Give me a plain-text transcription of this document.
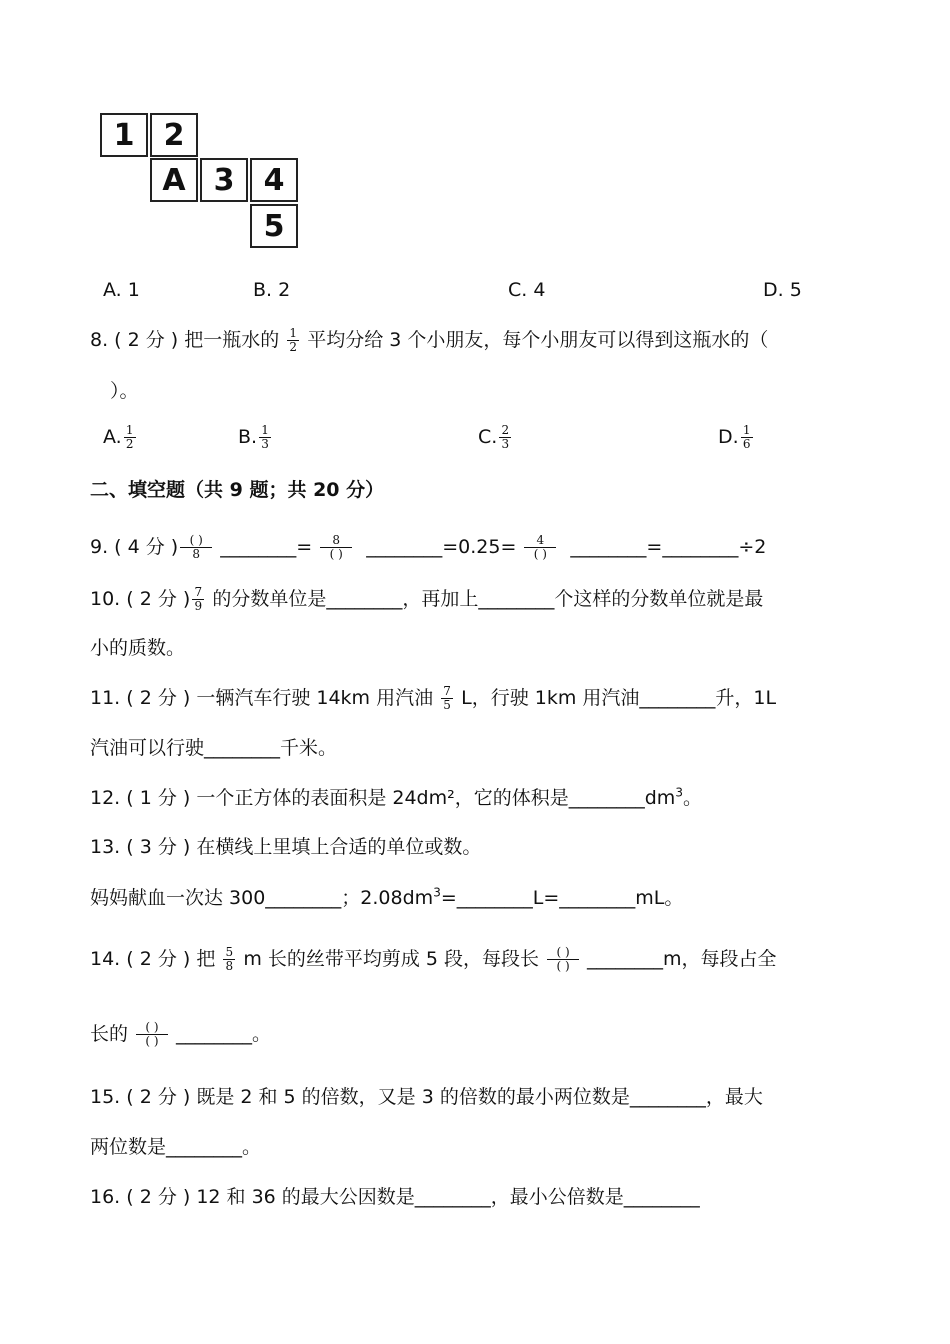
1 2
A 3 4
5
A. 1	B. 2	C. 4	D. 5
8. ( 2 分 ) 把一瓶水的 $\frac{1}{2}$ 平均分给 3 个小朋友，每个小朋友可以得到这瓶水的（
）。
A. $\frac{1}{2}$	B. $\frac{1}{3}$	C. $\frac{2}{3}$	D. $\frac{1}{6}$
二、填空题（共 9 题；共 20 分）
9. ( 4 分 ) $\frac{( )}{8}$ ________= $\frac{8}{( )}$ ________=0.25= $\frac{4}{( )}$ ________=________÷2
10. ( 2 分 ) $\frac{7}{9}$ 的分数单位是________，再加上________个这样的分数单位就是最
小的质数。
11. ( 2 分 ) 一辆汽车行驶 14km 用汽油 $\frac{7}{5}$ L，行驶 1km 用汽油________升，1L
汽油可以行驶________千米。
12. ( 1 分 ) 一个正方体的表面积是 24dm²，它的体积是$\_\_\_\_\_\_\_\_dm^3$。
13. ( 3 分 ) 在横线上里填上合适的单位或数。
妈妈献血一次达 300________；$2.08dm^3=\_\_\_\_\_\_\_\_L=\_\_\_\_\_\_\_\_mL$。
14. ( 2 分 ) 把 $\frac{5}{8}$ m 长的丝带平均剪成 5 段，每段长 $\frac{( )}{( )}$ ________m，每段占全
长的 $\frac{( )}{( )}$ ________。
15. ( 2 分 ) 既是 2 和 5 的倍数，又是 3 的倍数的最小两位数是________，最大
两位数是________。
16. ( 2 分 ) 12 和 36 的最大公因数是________，最小公倍数是________
